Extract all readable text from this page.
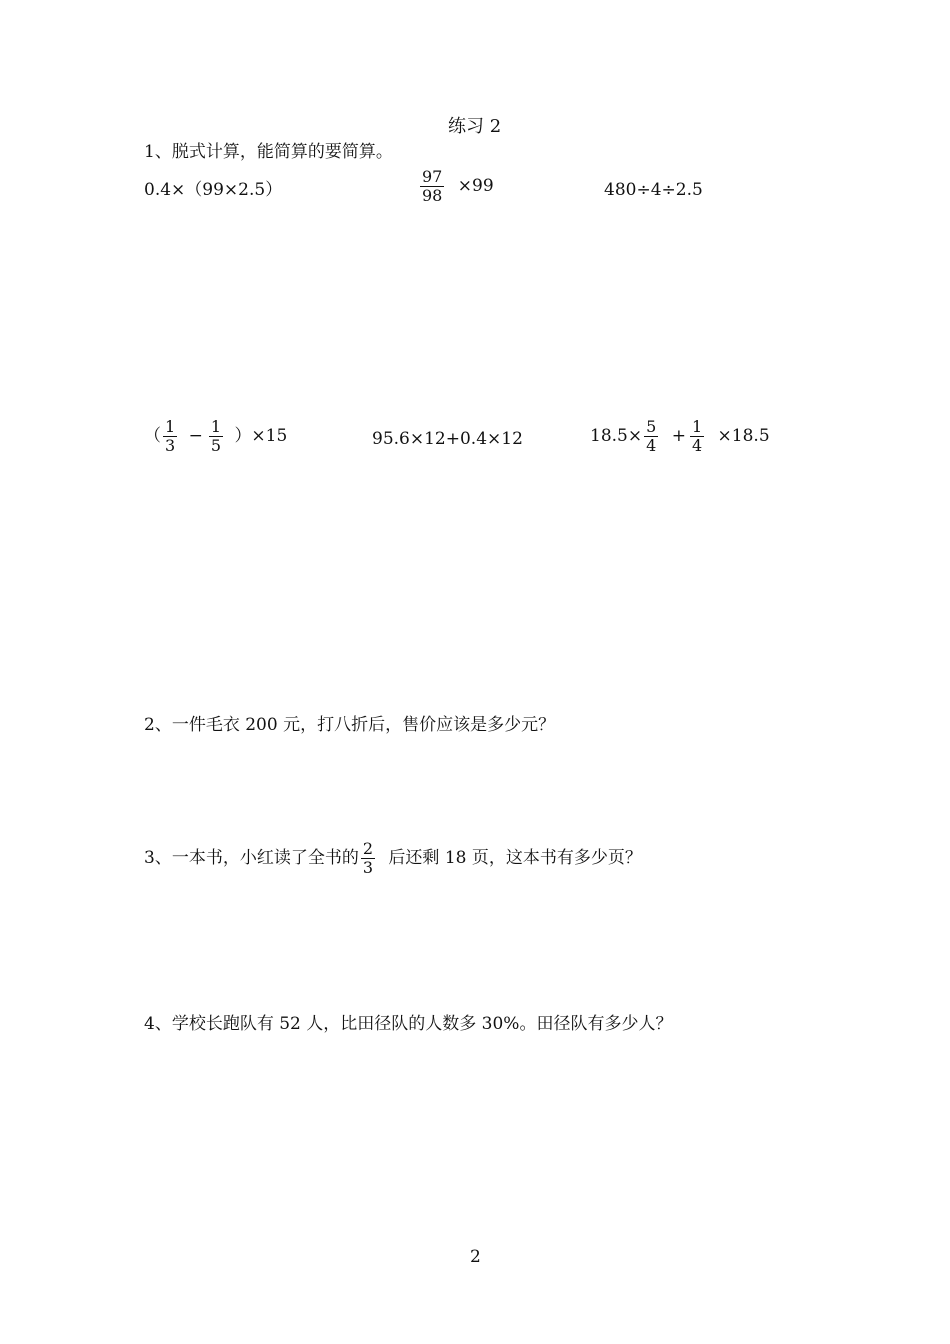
练习 2
1、脱式计算，能简算的要简算。
0.4×（99×2.5）	$\frac{97}{98} \times 99$	480÷4÷2.5
（ $\frac{1}{3} - \frac{1}{5} )\times 15$	95.6×12+0.4×12	$18.5\times \frac{5}{4} + \frac{1}{4} \times 18.5$
2、一件毛衣 200 元，打八折后，售价应该是多少元？
3、一本书，小红读了全书的 $\frac{2}{3}$ 后还剩 18 页，这本书有多少页？
4、学校长跑队有 52 人，比田径队的人数多 30%。田径队有多少人？
2
